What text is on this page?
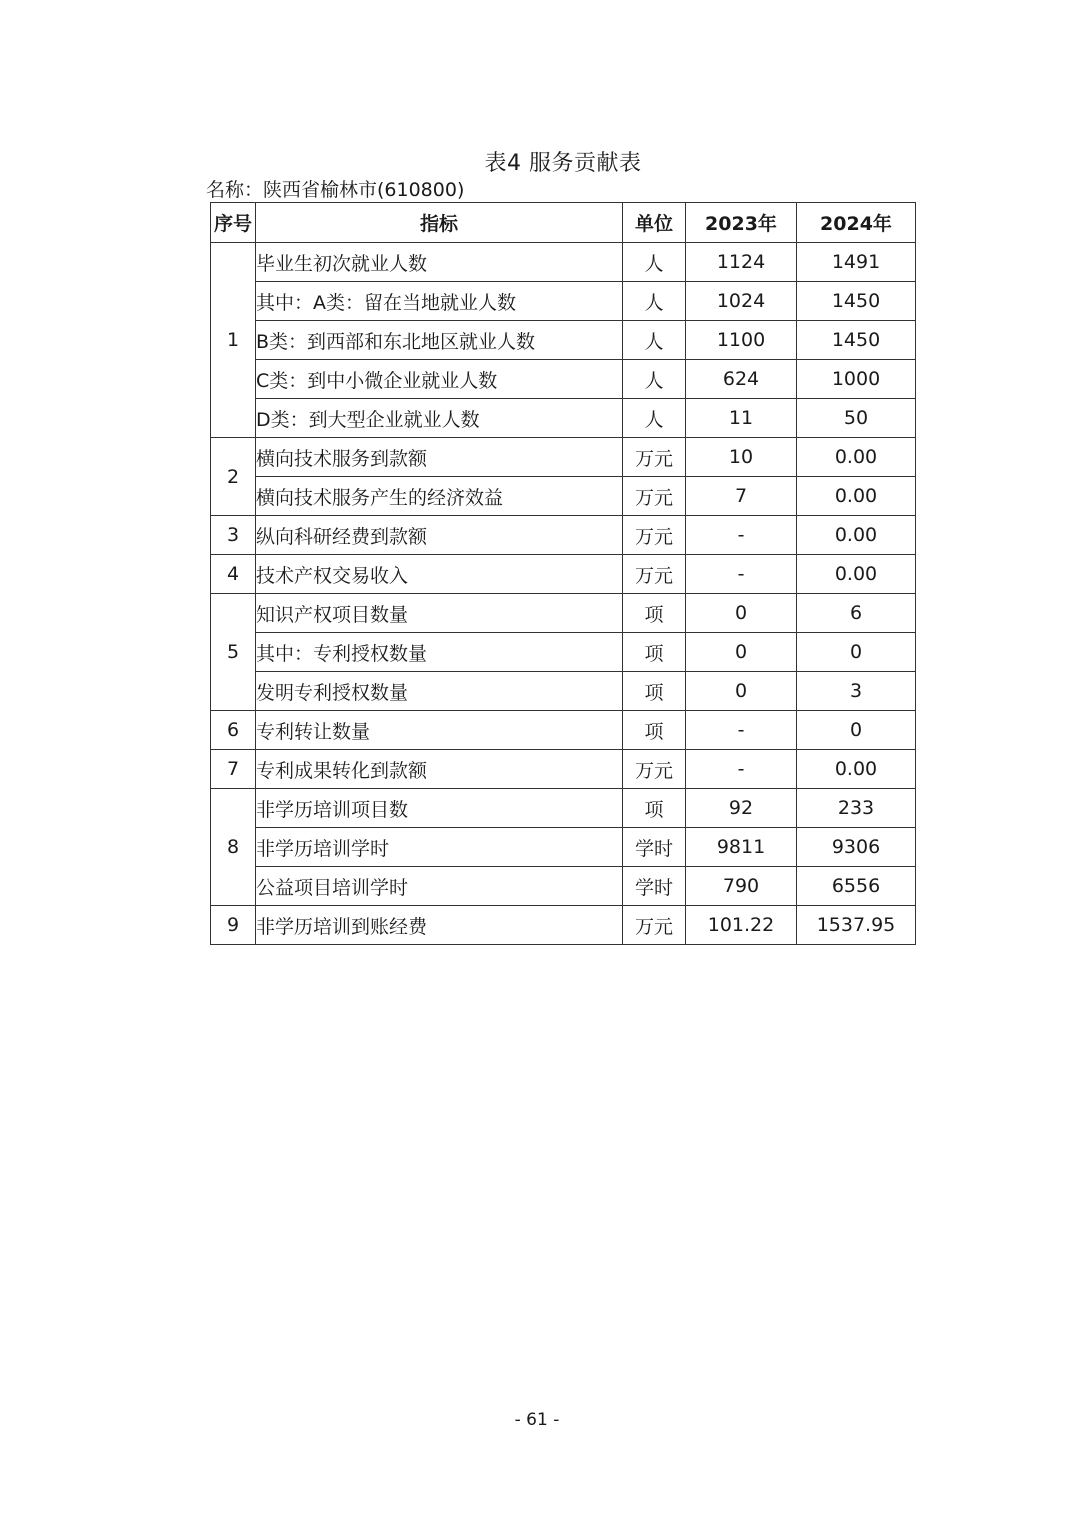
表4 服务贡献表
名称：陕西省榆林市(610800)
序号	指标	单位	2023年	2024年
1	毕业生初次就业人数	人	1124	1491
	其中：A类：留在当地就业人数	人	1024	1450
	B类：到西部和东北地区就业人数	人	1100	1450
	C类：到中小微企业就业人数	人	624	1000
	D类：到大型企业就业人数	人	11	50
2	横向技术服务到款额	万元	10	0.00
	横向技术服务产生的经济效益	万元	7	0.00
3	纵向科研经费到款额	万元	-	0.00
4	技术产权交易收入	万元	-	0.00
5	知识产权项目数量	项	0	6
	其中：专利授权数量	项	0	0
	发明专利授权数量	项	0	3
6	专利转让数量	项	-	0
7	专利成果转化到款额	万元	-	0.00
8	非学历培训项目数	项	92	233
	非学历培训学时	学时	9811	9306
	公益项目培训学时	学时	790	6556
9	非学历培训到账经费	万元	101.22	1537.95
- 61 -
